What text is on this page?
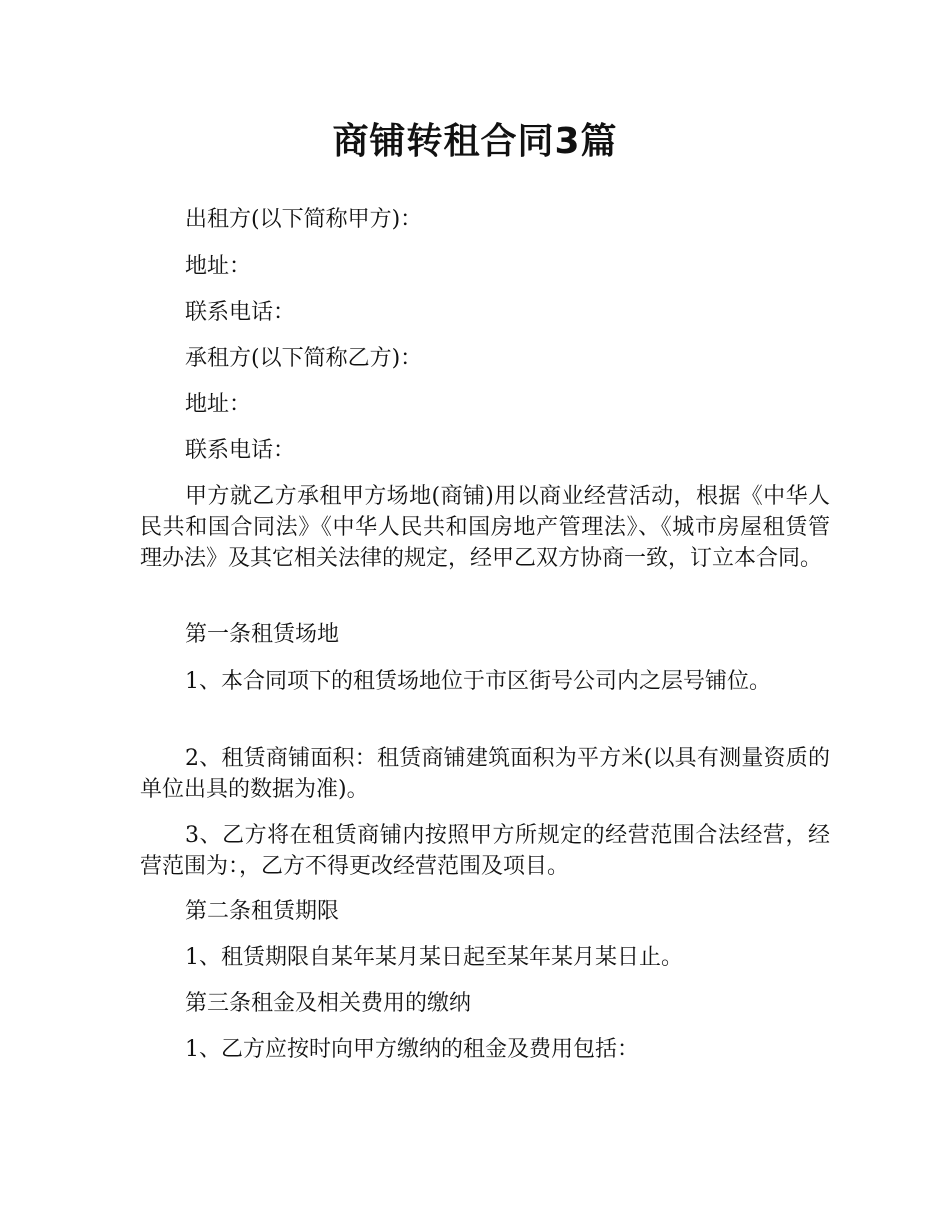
商铺转租合同3篇

出租方(以下简称甲方)：

地址：

联系电话：

承租方(以下简称乙方)：

地址：

联系电话：

甲方就乙方承租甲方场地(商铺)用以商业经营活动，根据《中华人民共和国合同法》《中华人民共和国房地产管理法》、《城市房屋租赁管理办法》及其它相关法律的规定，经甲乙双方协商一致，订立本合同。

第一条租赁场地

1、本合同项下的租赁场地位于市区街号公司内之层号铺位。

2、租赁商铺面积：租赁商铺建筑面积为平方米(以具有测量资质的单位出具的数据为准)。

3、乙方将在租赁商铺内按照甲方所规定的经营范围合法经营，经营范围为：，乙方不得更改经营范围及项目。

第二条租赁期限

1、租赁期限自某年某月某日起至某年某月某日止。

第三条租金及相关费用的缴纳

1、乙方应按时向甲方缴纳的租金及费用包括：
